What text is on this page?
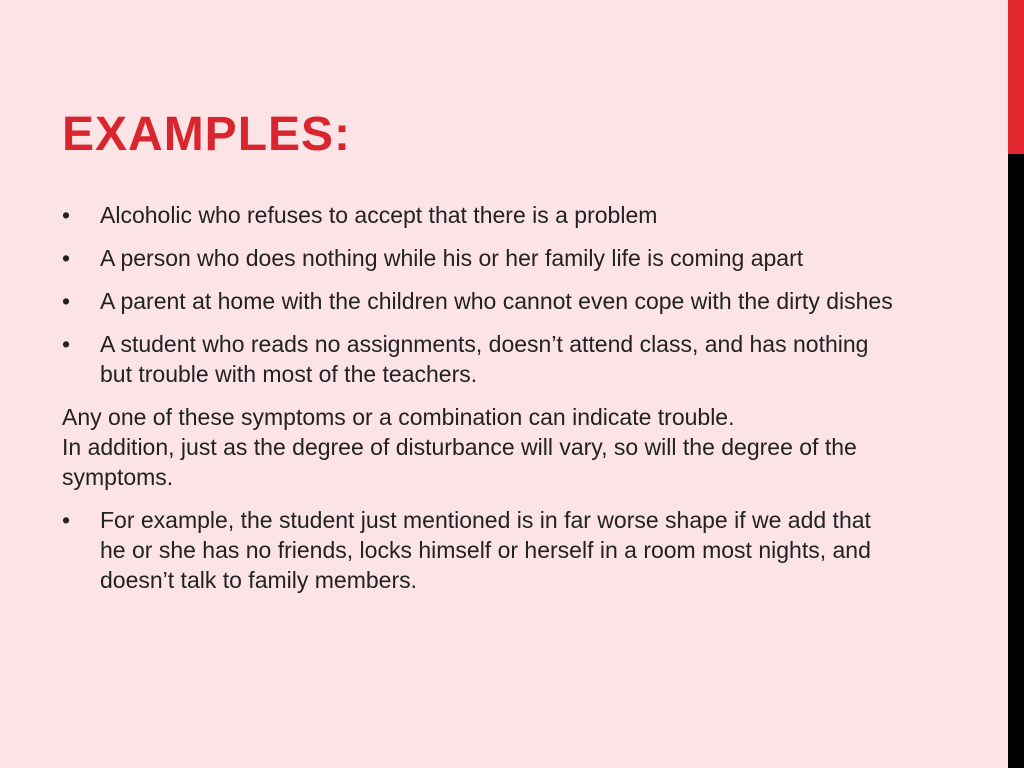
EXAMPLES:
•	Alcoholic who refuses to accept that there is a problem
•	A person who does nothing while his or her family life is coming apart
•	A parent at home with the children who cannot even cope with the dirty dishes
•	A student who reads no assignments, doesn’t attend class, and has nothing but trouble with most of the teachers.
Any one of these symptoms or a combination can indicate trouble.
In addition, just as the degree of disturbance will vary, so will the degree of the symptoms.
•	For example, the student just mentioned is in far worse shape if we add that he or she has no friends, locks himself or herself in a room most nights, and doesn’t talk to family members.
